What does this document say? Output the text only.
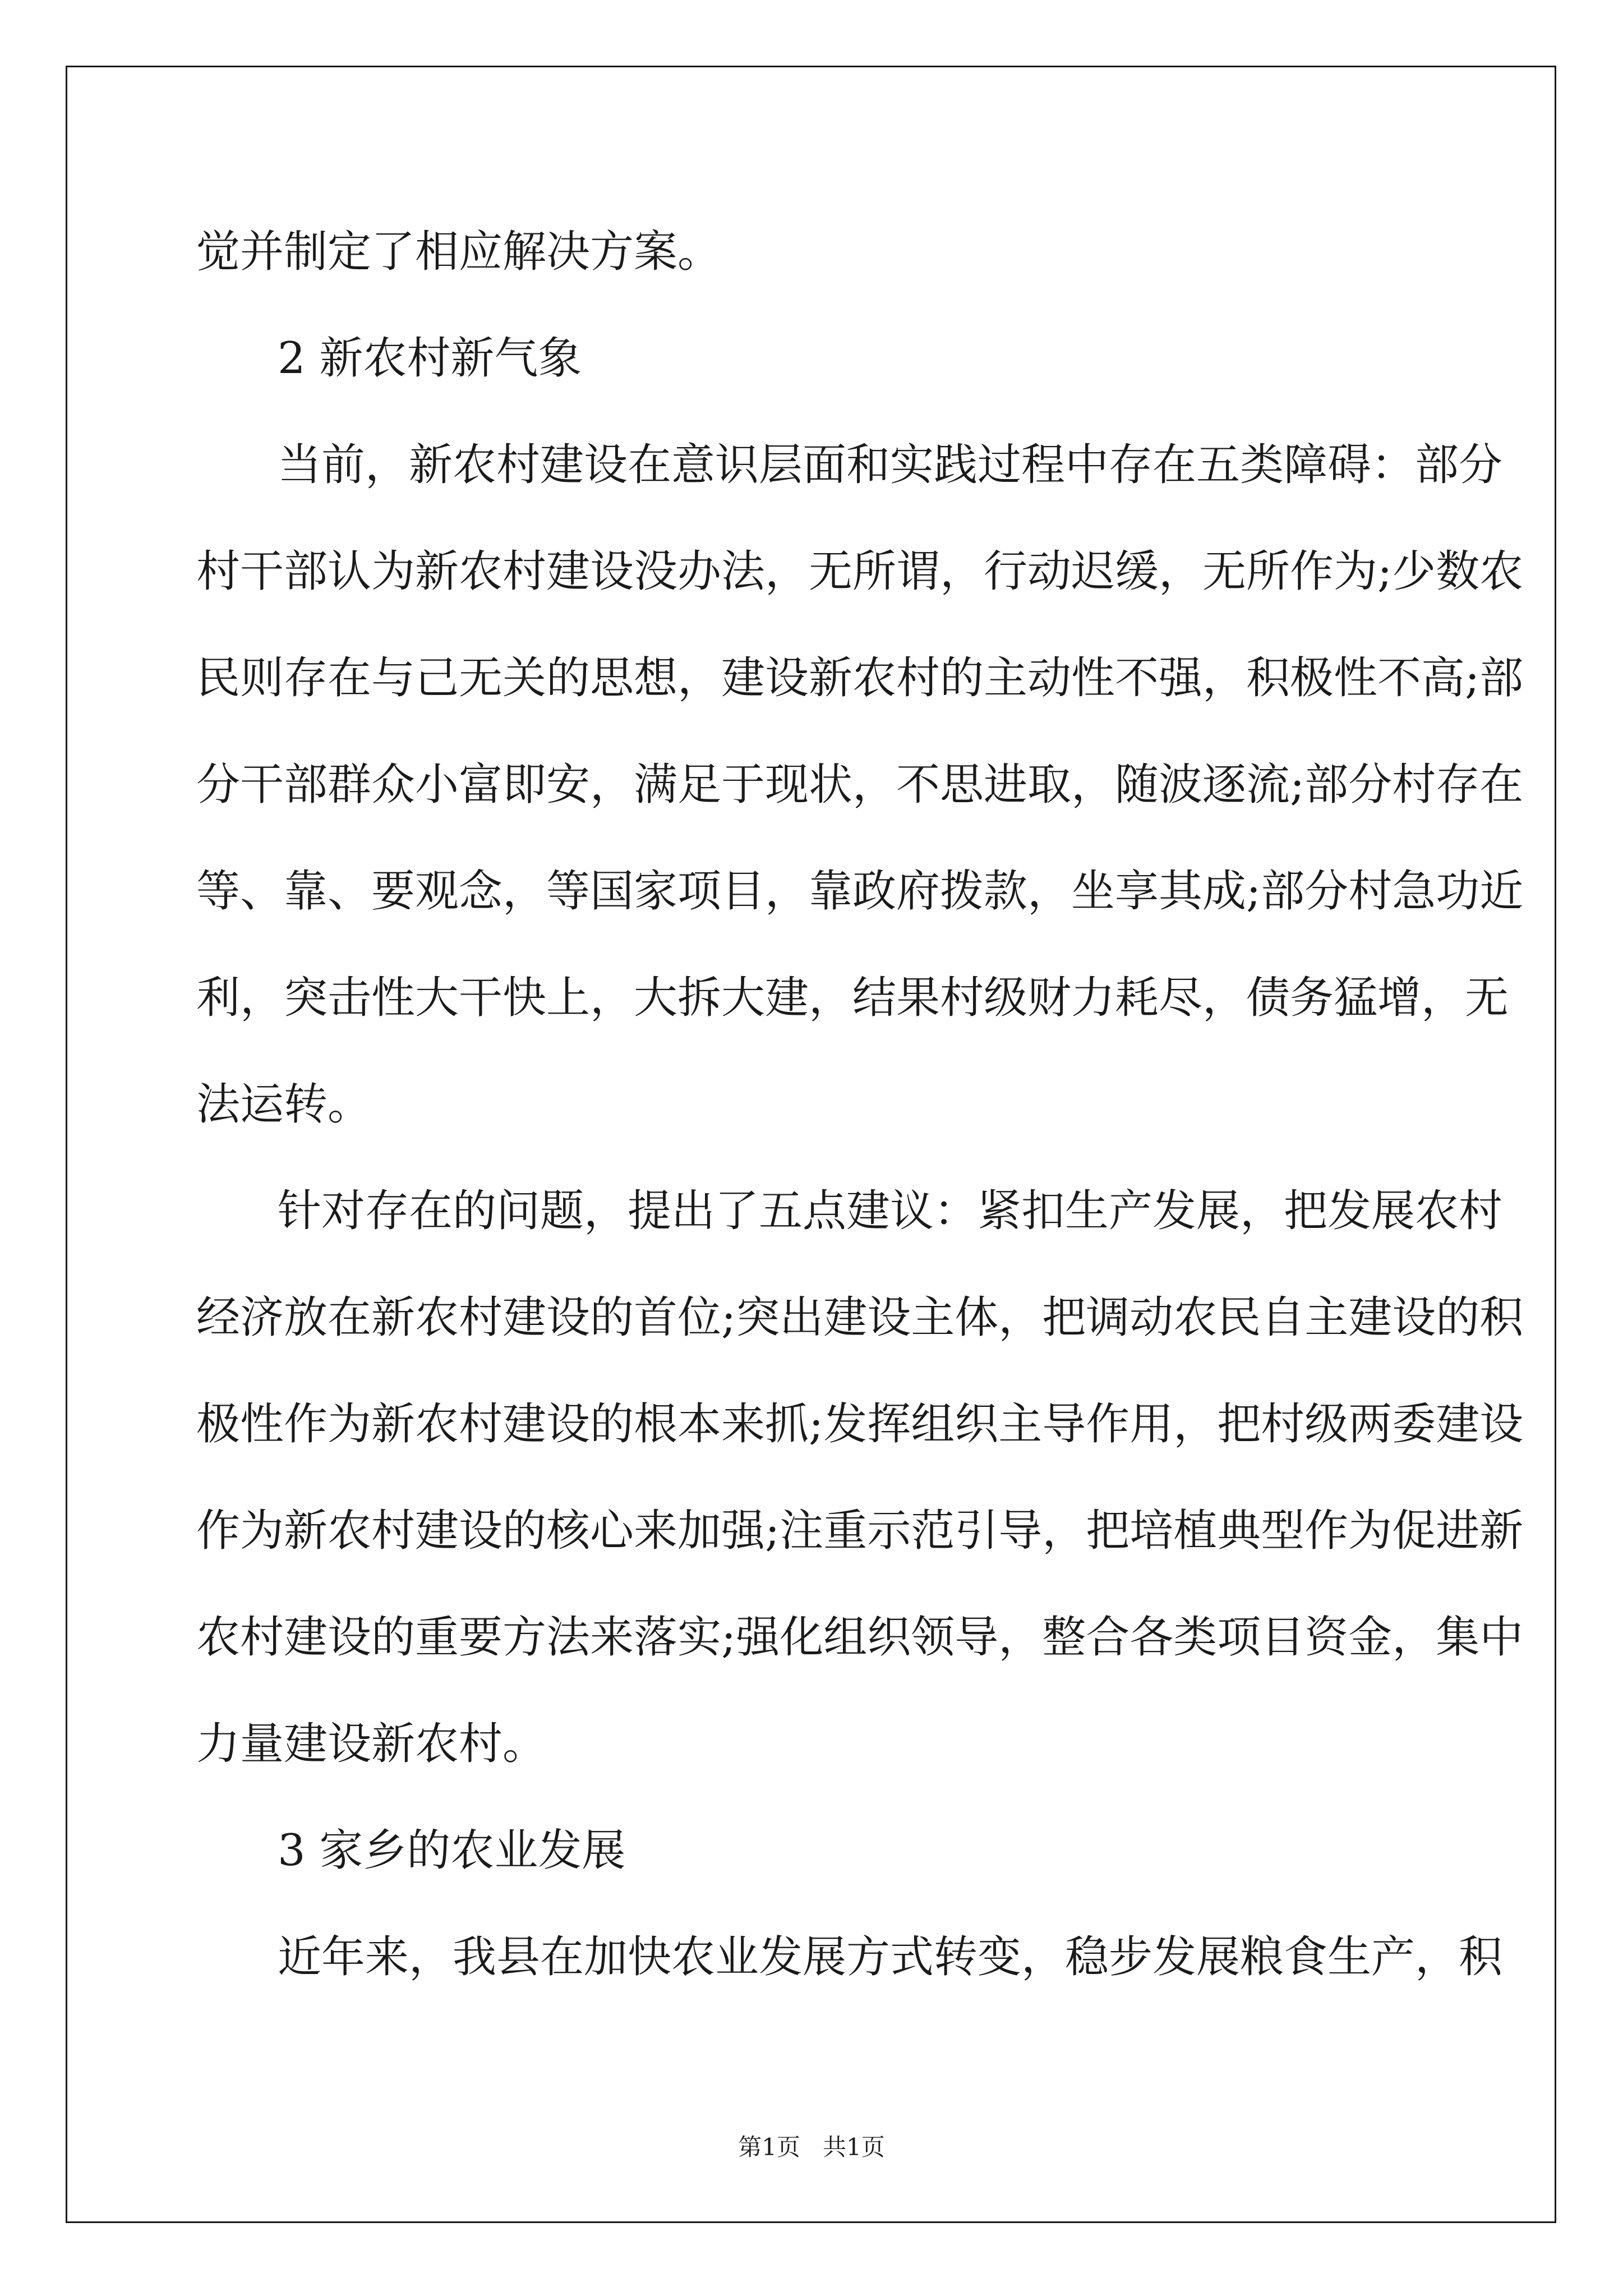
觉并制定了相应解决方案。
2 新农村新气象
当前，新农村建设在意识层面和实践过程中存在五类障碍：部分
村干部认为新农村建设没办法，无所谓，行动迟缓，无所作为;少数农
民则存在与己无关的思想，建设新农村的主动性不强，积极性不高;部
分干部群众小富即安，满足于现状，不思进取，随波逐流;部分村存在
等、靠、要观念，等国家项目，靠政府拨款，坐享其成;部分村急功近
利，突击性大干快上，大拆大建，结果村级财力耗尽，债务猛增，无
法运转。
针对存在的问题，提出了五点建议：紧扣生产发展，把发展农村
经济放在新农村建设的首位;突出建设主体，把调动农民自主建设的积
极性作为新农村建设的根本来抓;发挥组织主导作用，把村级两委建设
作为新农村建设的核心来加强;注重示范引导，把培植典型作为促进新
农村建设的重要方法来落实;强化组织领导，整合各类项目资金，集中
力量建设新农村。
3 家乡的农业发展
近年来，我县在加快农业发展方式转变，稳步发展粮食生产，积
第1页   共1页
